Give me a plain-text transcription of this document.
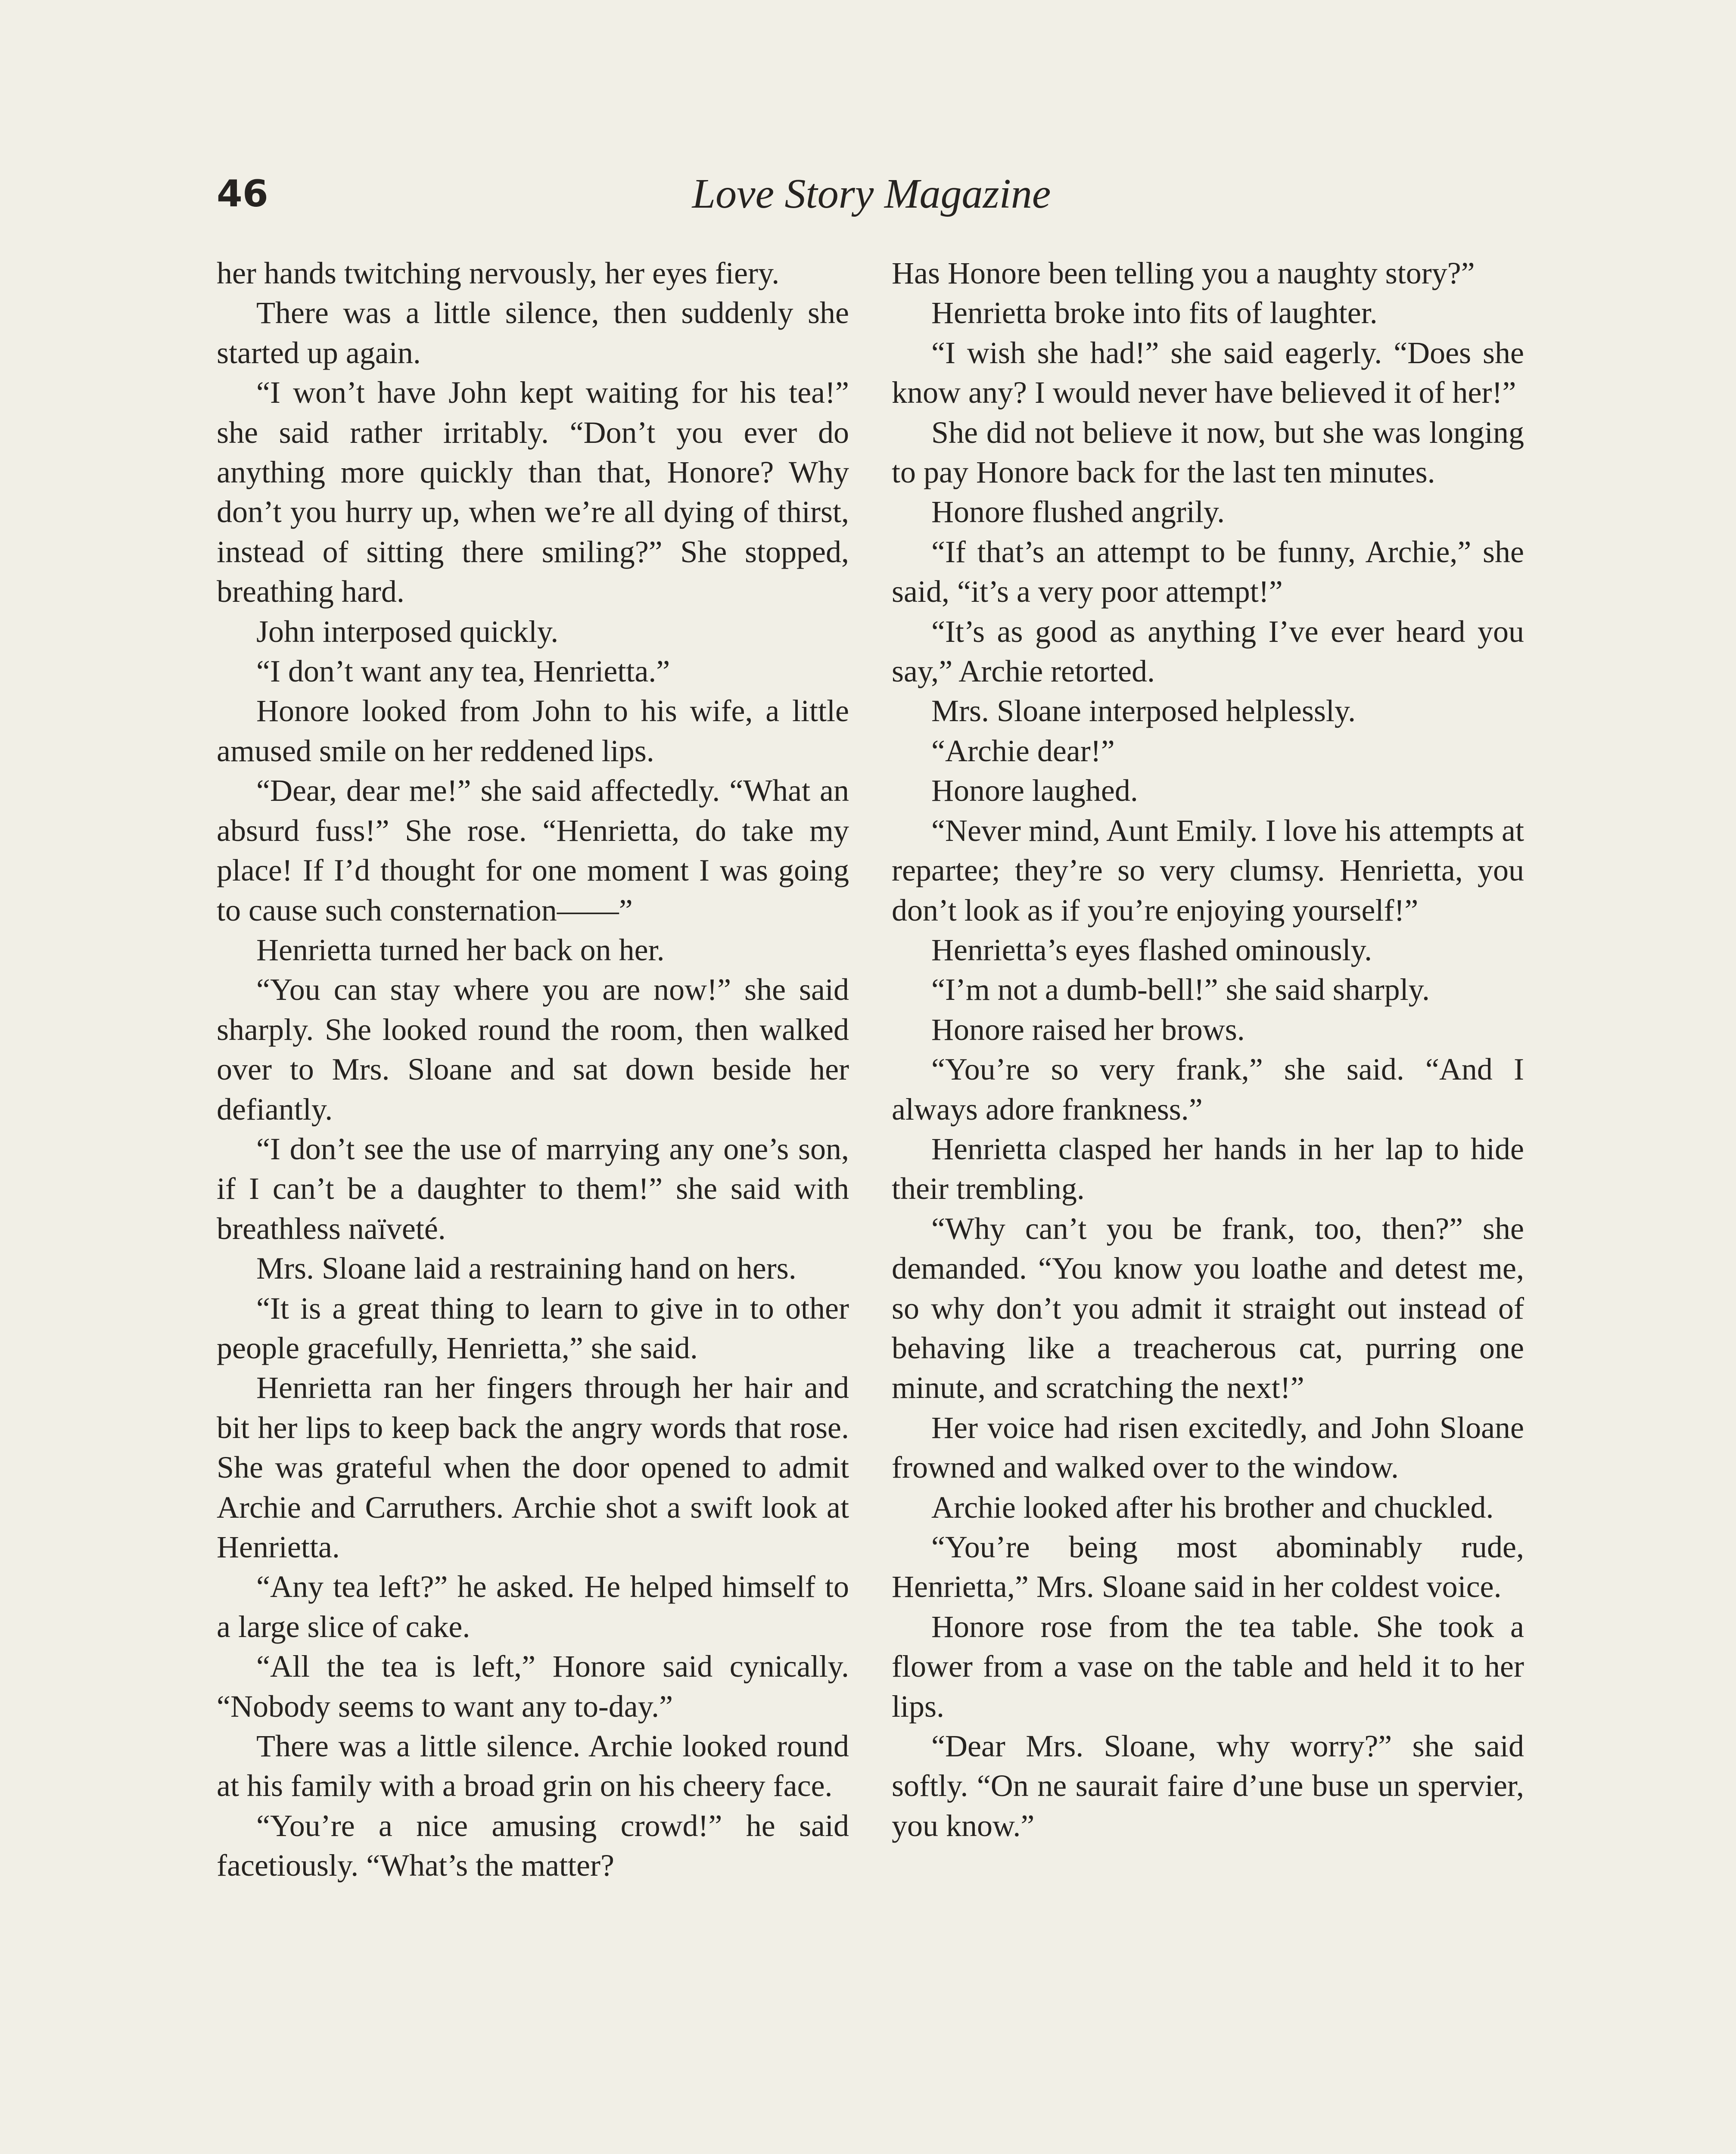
46	Love Story Magazine

her hands twitching nervously, her eyes fiery.

There was a little silence, then suddenly she started up again.

“I won’t have John kept waiting for his tea!” she said rather irritably. “Don’t you ever do anything more quickly than that, Honore? Why don’t you hurry up, when we’re all dying of thirst, instead of sitting there smiling?” She stopped, breathing hard.

John interposed quickly.

“I don’t want any tea, Henrietta.”

Honore looked from John to his wife, a little amused smile on her reddened lips.

“Dear, dear me!” she said affectedly. “What an absurd fuss!” She rose. “Henrietta, do take my place! If I’d thought for one moment I was going to cause such consternation——”

Henrietta turned her back on her.

“You can stay where you are now!” she said sharply. She looked round the room, then walked over to Mrs. Sloane and sat down beside her defiantly.

“I don’t see the use of marrying any one’s son, if I can’t be a daughter to them!” she said with breathless naïveté.

Mrs. Sloane laid a restraining hand on hers.

“It is a great thing to learn to give in to other people gracefully, Henrietta,” she said.

Henrietta ran her fingers through her hair and bit her lips to keep back the angry words that rose. She was grateful when the door opened to admit Archie and Carruthers. Archie shot a swift look at Henrietta.

“Any tea left?” he asked. He helped himself to a large slice of cake.

“All the tea is left,” Honore said cynically. “Nobody seems to want any to-day.”

There was a little silence. Archie looked round at his family with a broad grin on his cheery face.

“You’re a nice amusing crowd!” he said facetiously. “What’s the matter?

Has Honore been telling you a naughty story?”

Henrietta broke into fits of laughter.

“I wish she had!” she said eagerly. “Does she know any? I would never have believed it of her!”

She did not believe it now, but she was longing to pay Honore back for the last ten minutes.

Honore flushed angrily.

“If that’s an attempt to be funny, Archie,” she said, “it’s a very poor attempt!”

“It’s as good as anything I’ve ever heard you say,” Archie retorted.

Mrs. Sloane interposed helplessly.

“Archie dear!”

Honore laughed.

“Never mind, Aunt Emily. I love his attempts at repartee; they’re so very clumsy. Henrietta, you don’t look as if you’re enjoying yourself!”

Henrietta’s eyes flashed ominously.

“I’m not a dumb-bell!” she said sharply.

Honore raised her brows.

“You’re so very frank,” she said. “And I always adore frankness.”

Henrietta clasped her hands in her lap to hide their trembling.

“Why can’t you be frank, too, then?” she demanded. “You know you loathe and detest me, so why don’t you admit it straight out instead of behaving like a treacherous cat, purring one minute, and scratching the next!”

Her voice had risen excitedly, and John Sloane frowned and walked over to the window.

Archie looked after his brother and chuckled.

“You’re being most abominably rude, Henrietta,” Mrs. Sloane said in her coldest voice.

Honore rose from the tea table. She took a flower from a vase on the table and held it to her lips.

“Dear Mrs. Sloane, why worry?” she said softly. “On ne saurait faire d’une buse un spervier, you know.”
